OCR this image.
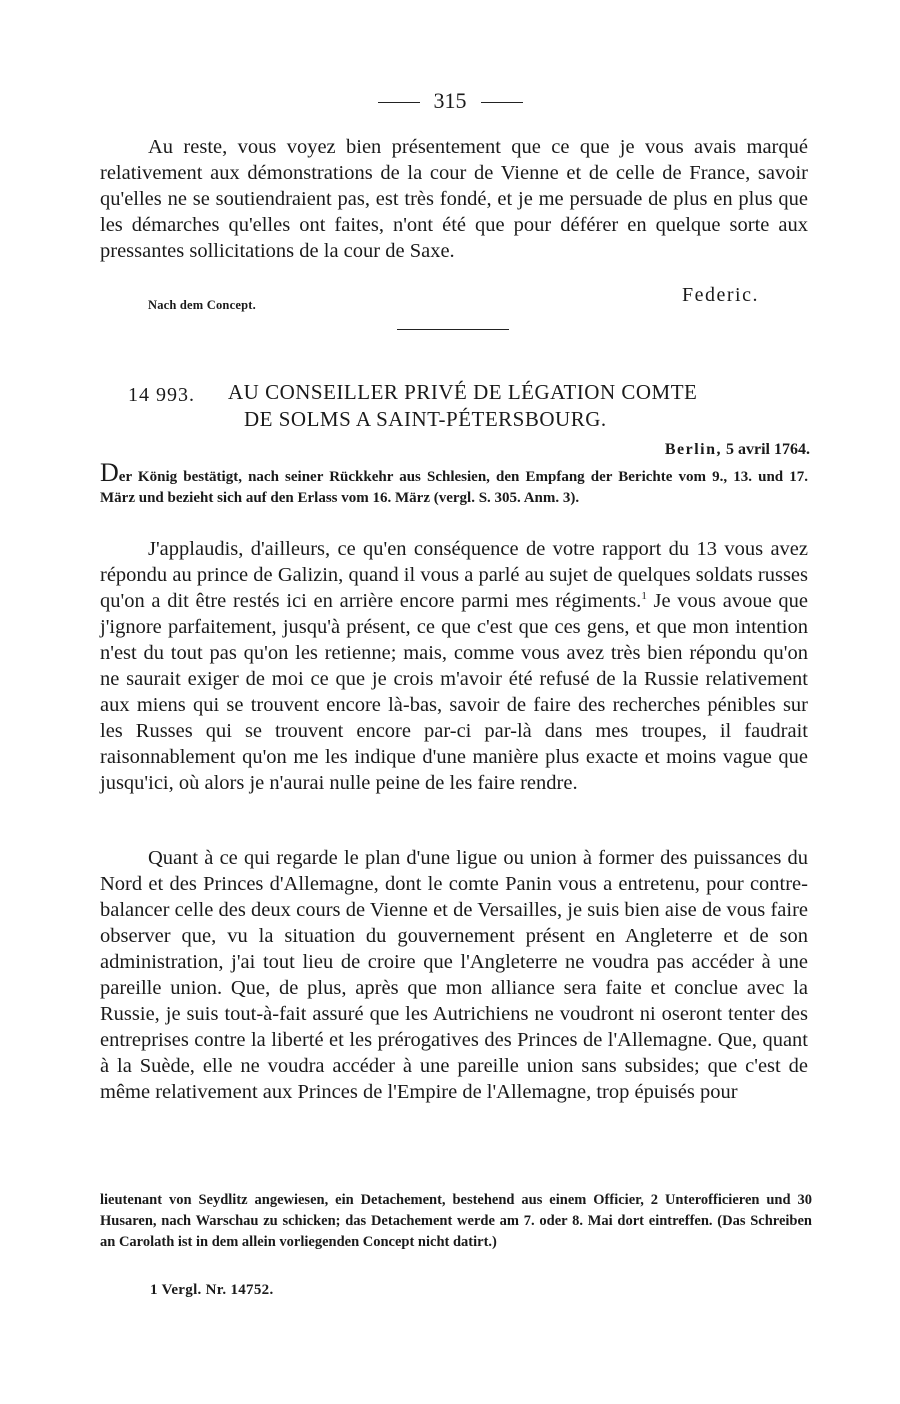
315

Au reste, vous voyez bien présentement que ce que je vous avais marqué relativement aux démonstrations de la cour de Vienne et de celle de France, savoir qu'elles ne se soutiendraient pas, est très fondé, et je me persuade de plus en plus que les démarches qu'elles ont faites, n'ont été que pour déférer en quelque sorte aux pressantes sollicitations de la cour de Saxe.

Nach dem Concept.	Federic.
14 993. AU CONSEILLER PRIVÉ DE LÉGATION COMTE
DE SOLMS A SAINT-PÉTERSBOURG.
Berlin, 5 avril 1764.

Der König bestätigt, nach seiner Rückkehr aus Schlesien, den Empfang der Berichte vom 9., 13. und 17. März und bezieht sich auf den Erlass vom 16. März (vergl. S. 305. Anm. 3).

J'applaudis, d'ailleurs, ce qu'en conséquence de votre rapport du 13 vous avez répondu au prince de Galizin, quand il vous a parlé au sujet de quelques soldats russes qu'on a dit être restés ici en arrière encore parmi mes régiments.$^1$ Je vous avoue que j'ignore parfaitement, jusqu'à présent, ce que c'est que ces gens, et que mon intention n'est du tout pas qu'on les retienne; mais, comme vous avez très bien répondu qu'on ne saurait exiger de moi ce que je crois m'avoir été refusé de la Russie relativement aux miens qui se trouvent encore là-bas, savoir de faire des recherches pénibles sur les Russes qui se trouvent encore par-ci par-là dans mes troupes, il faudrait raisonnablement qu'on me les indique d'une manière plus exacte et moins vague que jusqu'ici, où alors je n'aurai nulle peine de les faire rendre.

Quant à ce qui regarde le plan d'une ligue ou union à former des puissances du Nord et des Princes d'Allemagne, dont le comte Panin vous a entretenu, pour contre-balancer celle des deux cours de Vienne et de Versailles, je suis bien aise de vous faire observer que, vu la situation du gouvernement présent en Angleterre et de son administration, j'ai tout lieu de croire que l'Angleterre ne voudra pas accéder à une pareille union. Que, de plus, après que mon alliance sera faite et conclue avec la Russie, je suis tout-à-fait assuré que les Autrichiens ne voudront ni oseront tenter des entreprises contre la liberté et les prérogatives des Princes de l'Allemagne. Que, quant à la Suède, elle ne voudra accéder à une pareille union sans subsides; que c'est de même relativement aux Princes de l'Empire de l'Allemagne, trop épuisés pour

lieutenant von Seydlitz angewiesen, ein Detachement, bestehend aus einem Officier, 2 Unterofficieren und 30 Husaren, nach Warschau zu schicken; das Detachement werde am 7. oder 8. Mai dort eintreffen. (Das Schreiben an Carolath ist in dem allein vorliegenden Concept nicht datirt.)

1 Vergl. Nr. 14752.
